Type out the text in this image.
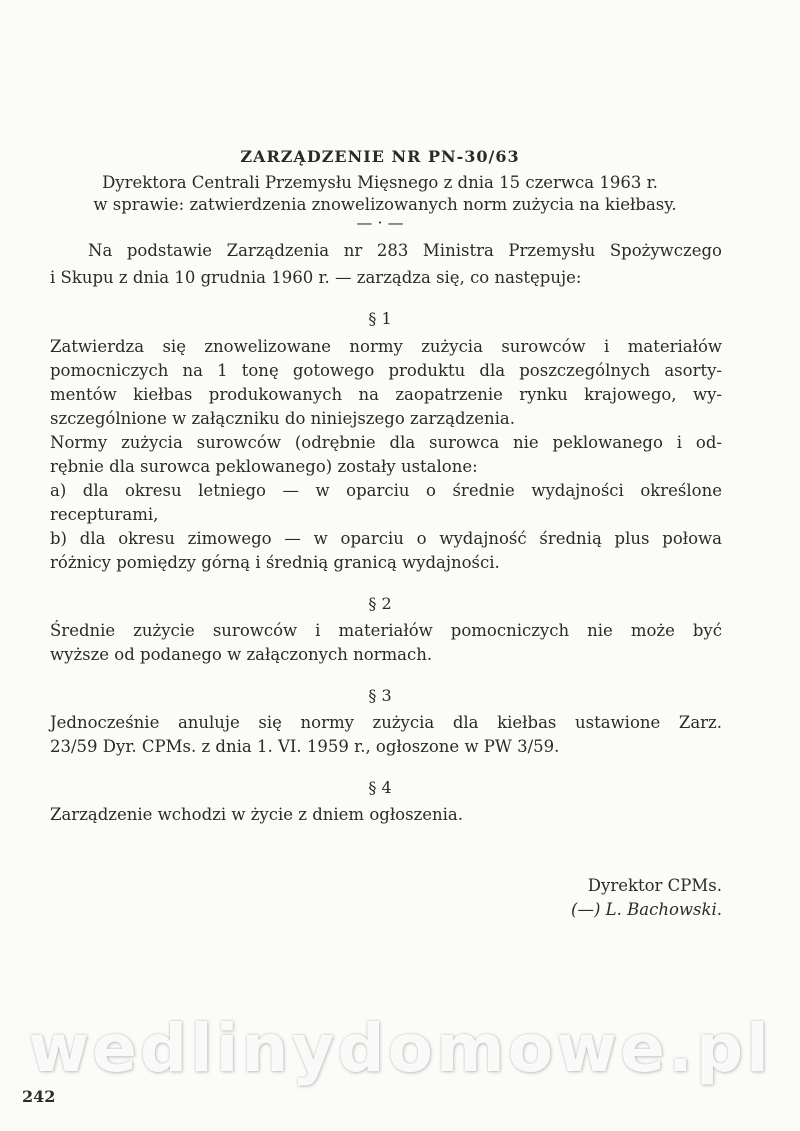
ZARZĄDZENIE NR PN-30/63
Dyrektora Centrali Przemysłu Mięsnego z dnia 15 czerwca 1963 r.
w sprawie: zatwierdzenia znowelizowanych norm zużycia na kiełbasy.
— · —
Na podstawie Zarządzenia nr 283 Ministra Przemysłu Spożywczego
i Skupu z dnia 10 grudnia 1960 r. — zarządza się, co następuje:
§ 1
Zatwierdza się znowelizowane normy zużycia surowców i materiałów
pomocniczych na 1 tonę gotowego produktu dla poszczególnych asorty-
mentów kiełbas produkowanych na zaopatrzenie rynku krajowego, wy-
szczególnione w załączniku do niniejszego zarządzenia.
Normy zużycia surowców (odrębnie dla surowca nie peklowanego i od-
rębnie dla surowca peklowanego) zostały ustalone:
a) dla okresu letniego — w oparciu o średnie wydajności określone
recepturami,
b) dla okresu zimowego — w oparciu o wydajność średnią plus połowa
różnicy pomiędzy górną i średnią granicą wydajności.
§ 2
Średnie zużycie surowców i materiałów pomocniczych nie może być
wyższe od podanego w załączonych normach.
§ 3
Jednocześnie anuluje się normy zużycia dla kiełbas ustawione Zarz.
23/59 Dyr. CPMs. z dnia 1. VI. 1959 r., ogłoszone w PW 3/59.
§ 4
Zarządzenie wchodzi w życie z dniem ogłoszenia.
Dyrektor CPMs.
(—) L. Bachowski.
wedlinydomowe.pl
242
